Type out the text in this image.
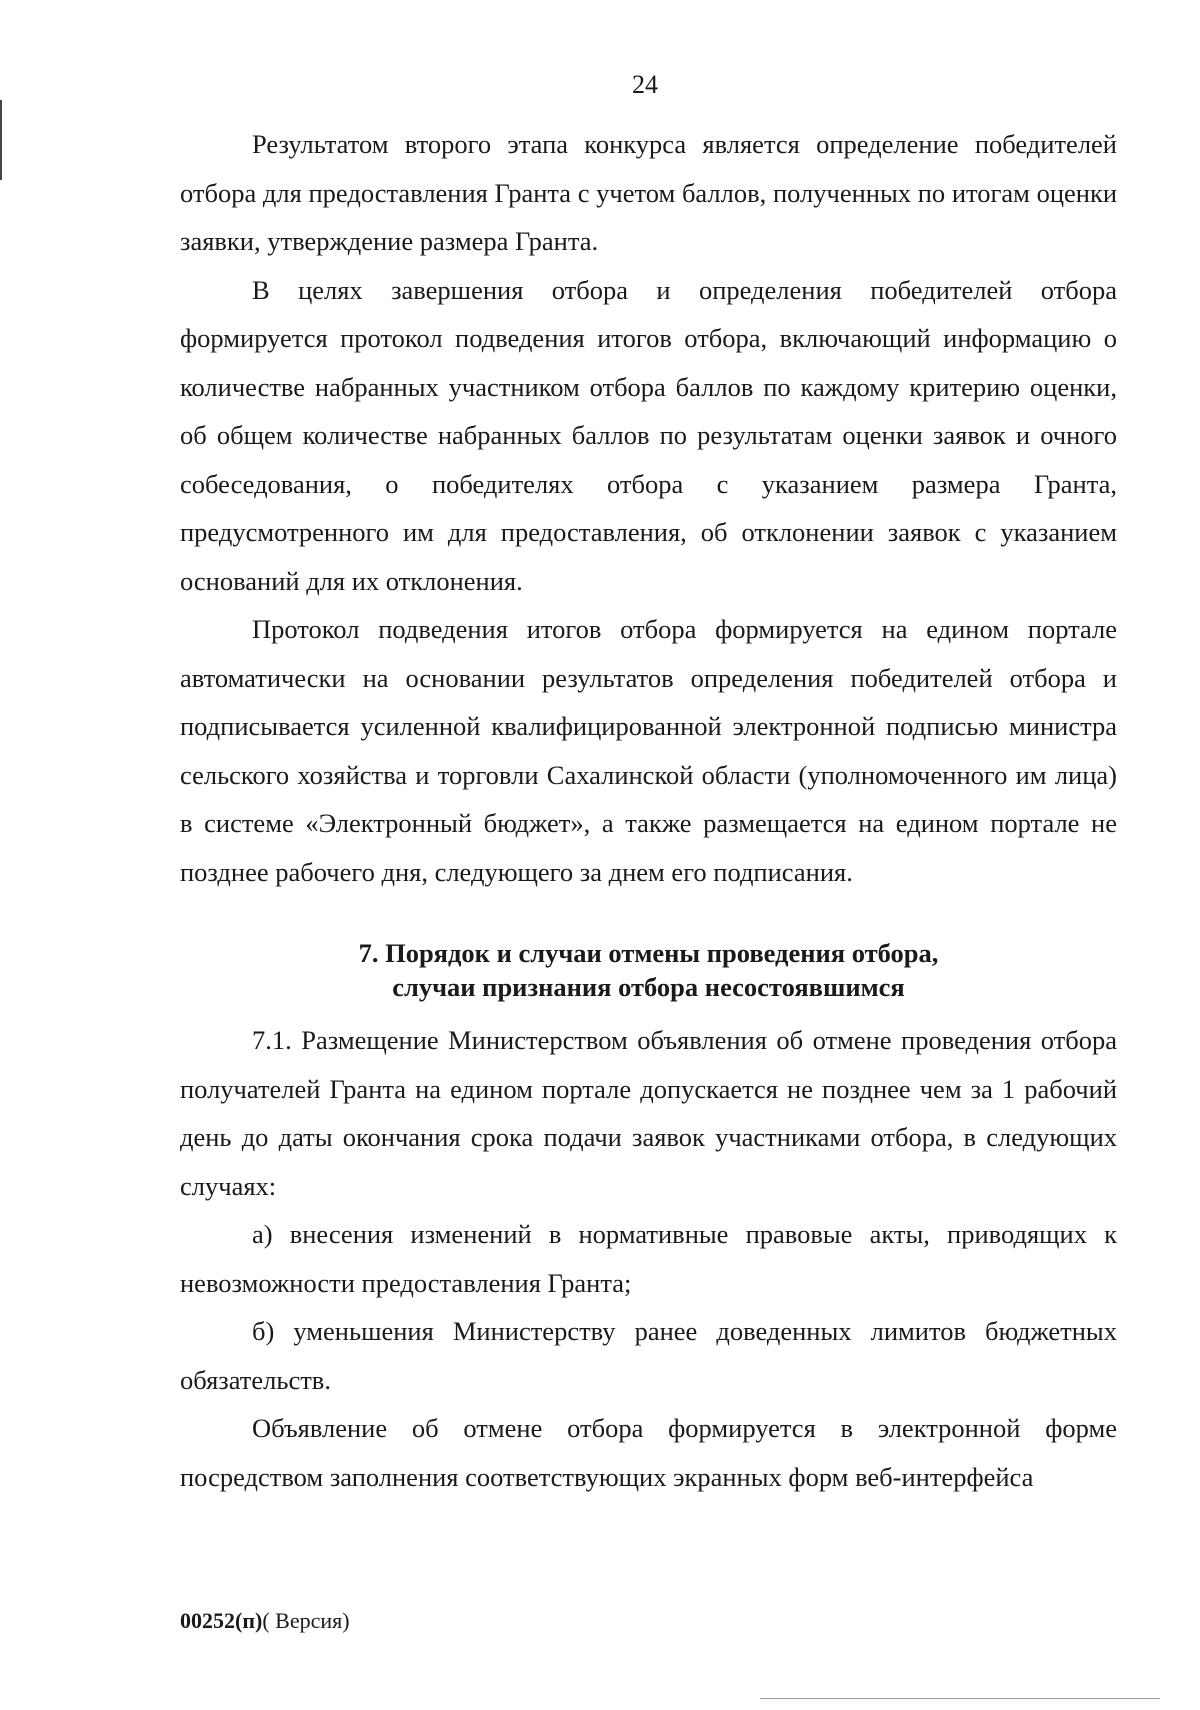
24

Результатом второго этапа конкурса является определение победителей отбора для предоставления Гранта с учетом баллов, полученных по итогам оценки заявки, утверждение размера Гранта.

В целях завершения отбора и определения победителей отбора формируется протокол подведения итогов отбора, включающий информацию о количестве набранных участником отбора баллов по каждому критерию оценки, об общем количестве набранных баллов по результатам оценки заявок и очного собеседования, о победителях отбора с указанием размера Гранта, предусмотренного им для предоставления, об отклонении заявок с указанием оснований для их отклонения.

Протокол подведения итогов отбора формируется на едином портале автоматически на основании результатов определения победителей отбора и подписывается усиленной квалифицированной электронной подписью министра сельского хозяйства и торговли Сахалинской области (уполномоченного им лица) в системе «Электронный бюджет», а также размещается на едином портале не позднее рабочего дня, следующего за днем его подписания.

7. Порядок и случаи отмены проведения отбора,
случаи признания отбора несостоявшимся

7.1. Размещение Министерством объявления об отмене проведения отбора получателей Гранта на едином портале допускается не позднее чем за 1 рабочий день до даты окончания срока подачи заявок участниками отбора, в следующих случаях:

а) внесения изменений в нормативные правовые акты, приводящих к невозможности предоставления Гранта;

б) уменьшения Министерству ранее доведенных лимитов бюджетных обязательств.

Объявление об отмене отбора формируется в электронной форме посредством заполнения соответствующих экранных форм веб-интерфейса

00252(п)( Версия)
